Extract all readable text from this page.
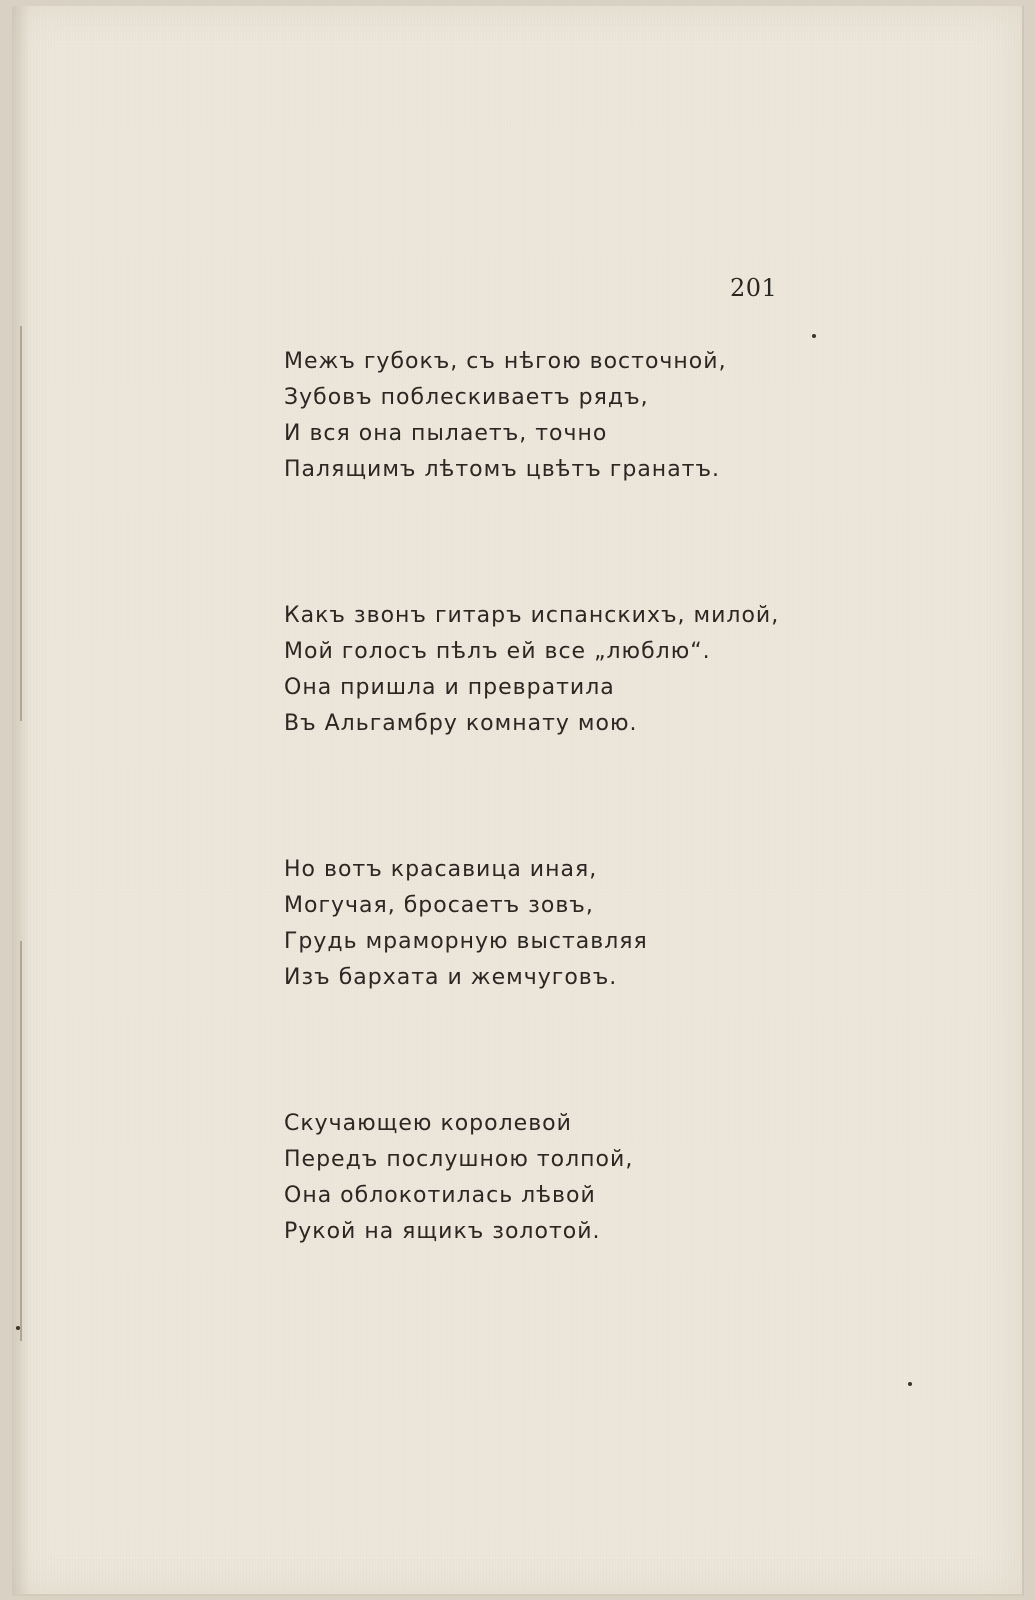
201
Межъ губокъ, съ нѣгою восточной,
Зубовъ поблескиваетъ рядъ,
И вся она пылаетъ, точно
Палящимъ лѣтомъ цвѣтъ гранатъ.
Какъ звонъ гитаръ испанскихъ, милой,
Мой голосъ пѣлъ ей все „люблю“.
Она пришла и превратила
Въ Альгамбру комнату мою.
Но вотъ красавица иная,
Могучая, бросаетъ зовъ,
Грудь мраморную выставляя
Изъ бархата и жемчуговъ.
Скучающею королевой
Передъ послушною толпой,
Она облокотилась лѣвой
Рукой на ящикъ золотой.
